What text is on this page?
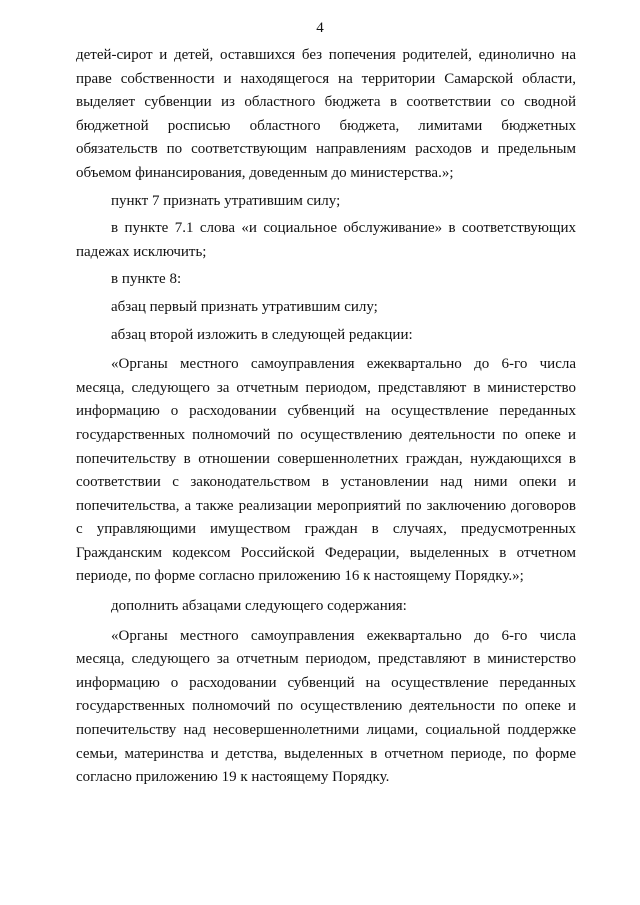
4
детей-сирот и детей, оставшихся без попечения родителей, единолично на
праве собственности и находящегося на территории Самарской области,
выделяет субвенции из областного бюджета в соответствии со сводной
бюджетной росписью областного бюджета, лимитами бюджетных
обязательств по соответствующим направлениям расходов и предельным
объемом финансирования, доведенным до министерства.»;
пункт 7 признать утратившим силу;
в пункте 7.1 слова «и социальное обслуживание» в соответствующих
падежах исключить;
в пункте 8:
абзац первый признать утратившим силу;
абзац второй изложить в следующей редакции:
«Органы местного самоуправления ежеквартально до 6-го числа
месяца, следующего за отчетным периодом, представляют в министерство
информацию о расходовании субвенций на осуществление переданных
государственных полномочий по осуществлению деятельности по опеке и
попечительству в отношении совершеннолетних граждан, нуждающихся в
соответствии с законодательством в установлении над ними опеки и
попечительства, а также реализации мероприятий по заключению договоров
с управляющими имуществом граждан в случаях, предусмотренных
Гражданским кодексом Российской Федерации, выделенных в отчетном
периоде, по форме согласно приложению 16 к настоящему Порядку.»;
дополнить абзацами следующего содержания:
«Органы местного самоуправления ежеквартально до 6-го числа
месяца, следующего за отчетным периодом, представляют в министерство
информацию о расходовании субвенций на осуществление переданных
государственных полномочий по осуществлению деятельности по опеке и
попечительству над несовершеннолетними лицами, социальной поддержке
семьи, материнства и детства, выделенных в отчетном периоде, по форме
согласно приложению 19 к настоящему Порядку.
